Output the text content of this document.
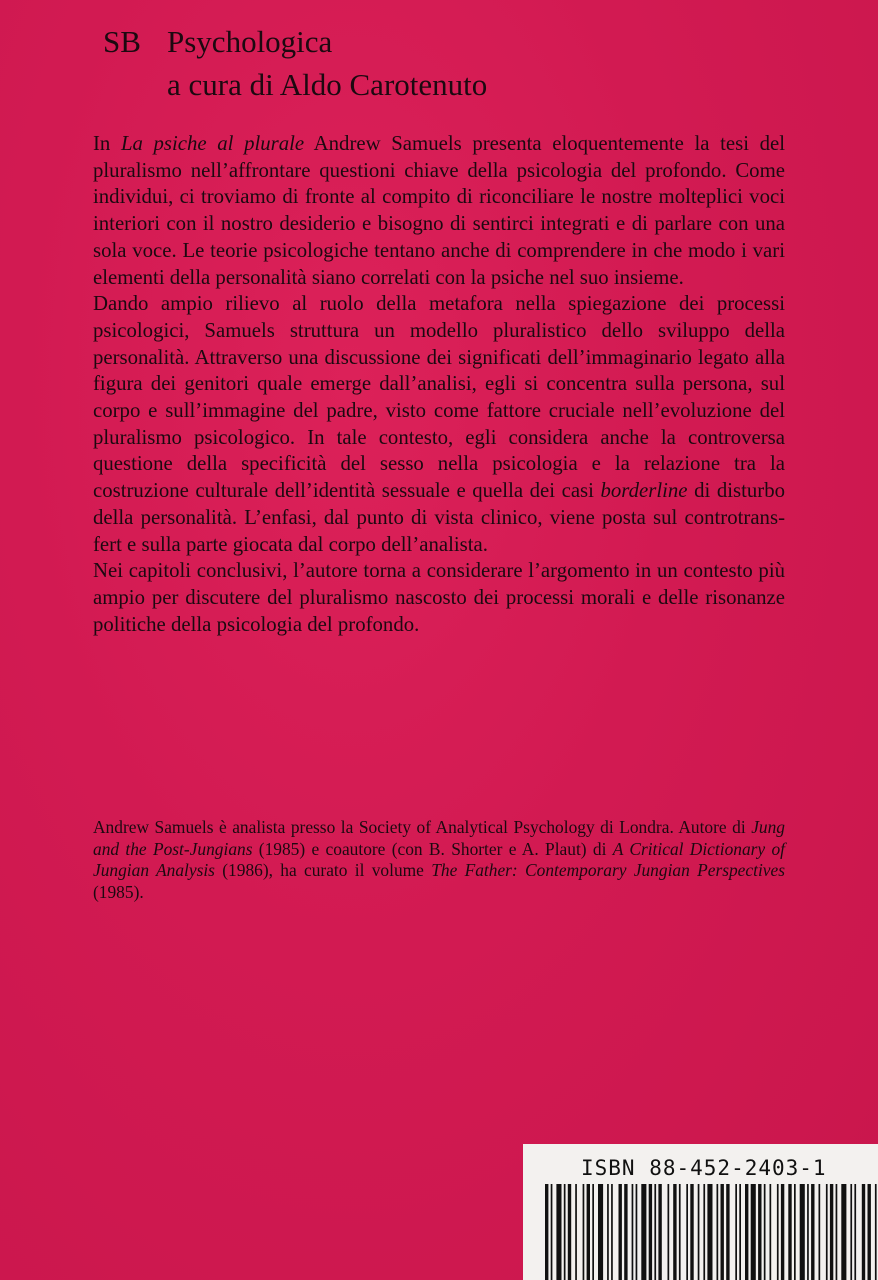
SB Psychologica
a cura di Aldo Carotenuto

In La psiche al plurale Andrew Samuels presenta eloquentemente la tesi del pluralismo nell’affrontare questioni chiave della psicologia del profondo. Come individui, ci troviamo di fronte al compito di riconciliare le nostre molteplici voci interiori con il nostro desiderio e bisogno di sentirci integrati e di parlare con una sola voce. Le teorie psicologiche tentano anche di comprendere in che modo i vari elementi della personalità siano correlati con la psiche nel suo insieme.

Dando ampio rilievo al ruolo della metafora nella spiegazione dei processi psicologici, Samuels struttura un modello pluralistico dello sviluppo della personalità. Attraverso una discussione dei significati dell’immaginario legato alla figura dei genitori quale emerge dall’analisi, egli si concentra sulla persona, sul corpo e sull’immagine del padre, visto come fattore cruciale nell’evoluzione del pluralismo psicologico. In tale contesto, egli considera anche la controversa questione della specificità del sesso nella psicologia e la relazione tra la costruzione culturale dell’identità sessuale e quella dei casi borderline di disturbo della personalità. L’enfasi, dal punto di vista clinico, viene posta sul controtransfert e sulla parte giocata dal corpo dell’analista.

Nei capitoli conclusivi, l’autore torna a considerare l’argomento in un contesto più ampio per discutere del pluralismo nascosto dei processi morali e delle risonanze politiche della psicologia del profondo.

Andrew Samuels è analista presso la Society of Analytical Psychology di Londra. Autore di Jung and the Post-Jungians (1985) e coautore (con B. Shorter e A. Plaut) di A Critical Dictionary of Jungian Analysis (1986), ha curato il volume The Father: Contemporary Jungian Perspectives (1985).

ISBN 88-452-2403-1
